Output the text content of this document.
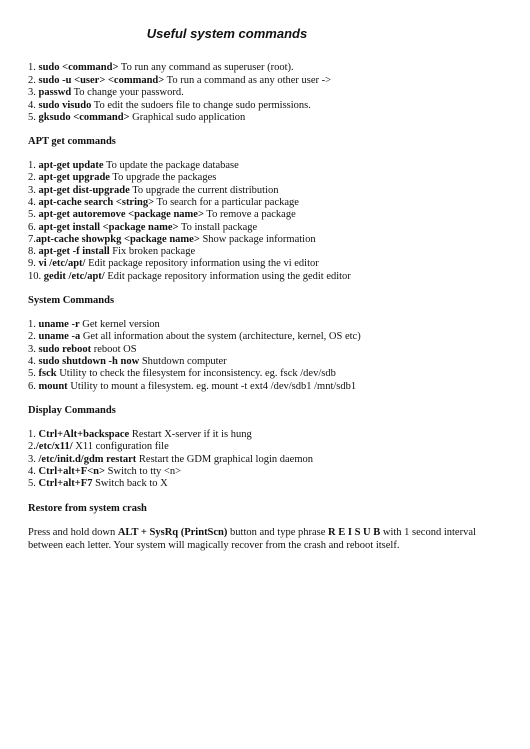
Useful system commands
1. sudo <command> To run any command as superuser (root).
2. sudo -u <user> <command> To run a command as any other user ->
3. passwd To change your password.
4. sudo visudo To edit the sudoers file to change sudo permissions.
5. gksudo <command> Graphical sudo application
APT get commands
1. apt-get update To update the package database
2. apt-get upgrade To upgrade the packages
3. apt-get dist-upgrade To upgrade the current distribution
4. apt-cache search <string> To search for a particular package
5. apt-get autoremove <package name> To remove a package
6. apt-get install <package name> To install package
7.apt-cache showpkg <package name> Show package information
8. apt-get -f install Fix broken package
9. vi /etc/apt/ Edit package repository information using the vi editor
10. gedit /etc/apt/ Edit package repository information using the gedit editor
System Commands
1. uname -r Get kernel version
2. uname -a Get all information about the system (architecture, kernel, OS etc)
3. sudo reboot reboot OS
4. sudo shutdown -h now Shutdown computer
5. fsck Utility to check the filesystem for inconsistency. eg. fsck /dev/sdb
6. mount Utility to mount a filesystem. eg. mount -t ext4 /dev/sdb1 /mnt/sdb1
Display Commands
1. Ctrl+Alt+backspace Restart X-server if it is hung
2./etc/x11/ X11 configuration file
3. /etc/init.d/gdm restart Restart the GDM graphical login daemon
4. Ctrl+alt+F<n> Switch to tty <n>
5. Ctrl+alt+F7 Switch back to X
Restore from system crash
Press and hold down ALT + SysRq (PrintScn) button and type phrase R E I S U B with 1 second interval between each letter. Your system will magically recover from the crash and reboot itself.
